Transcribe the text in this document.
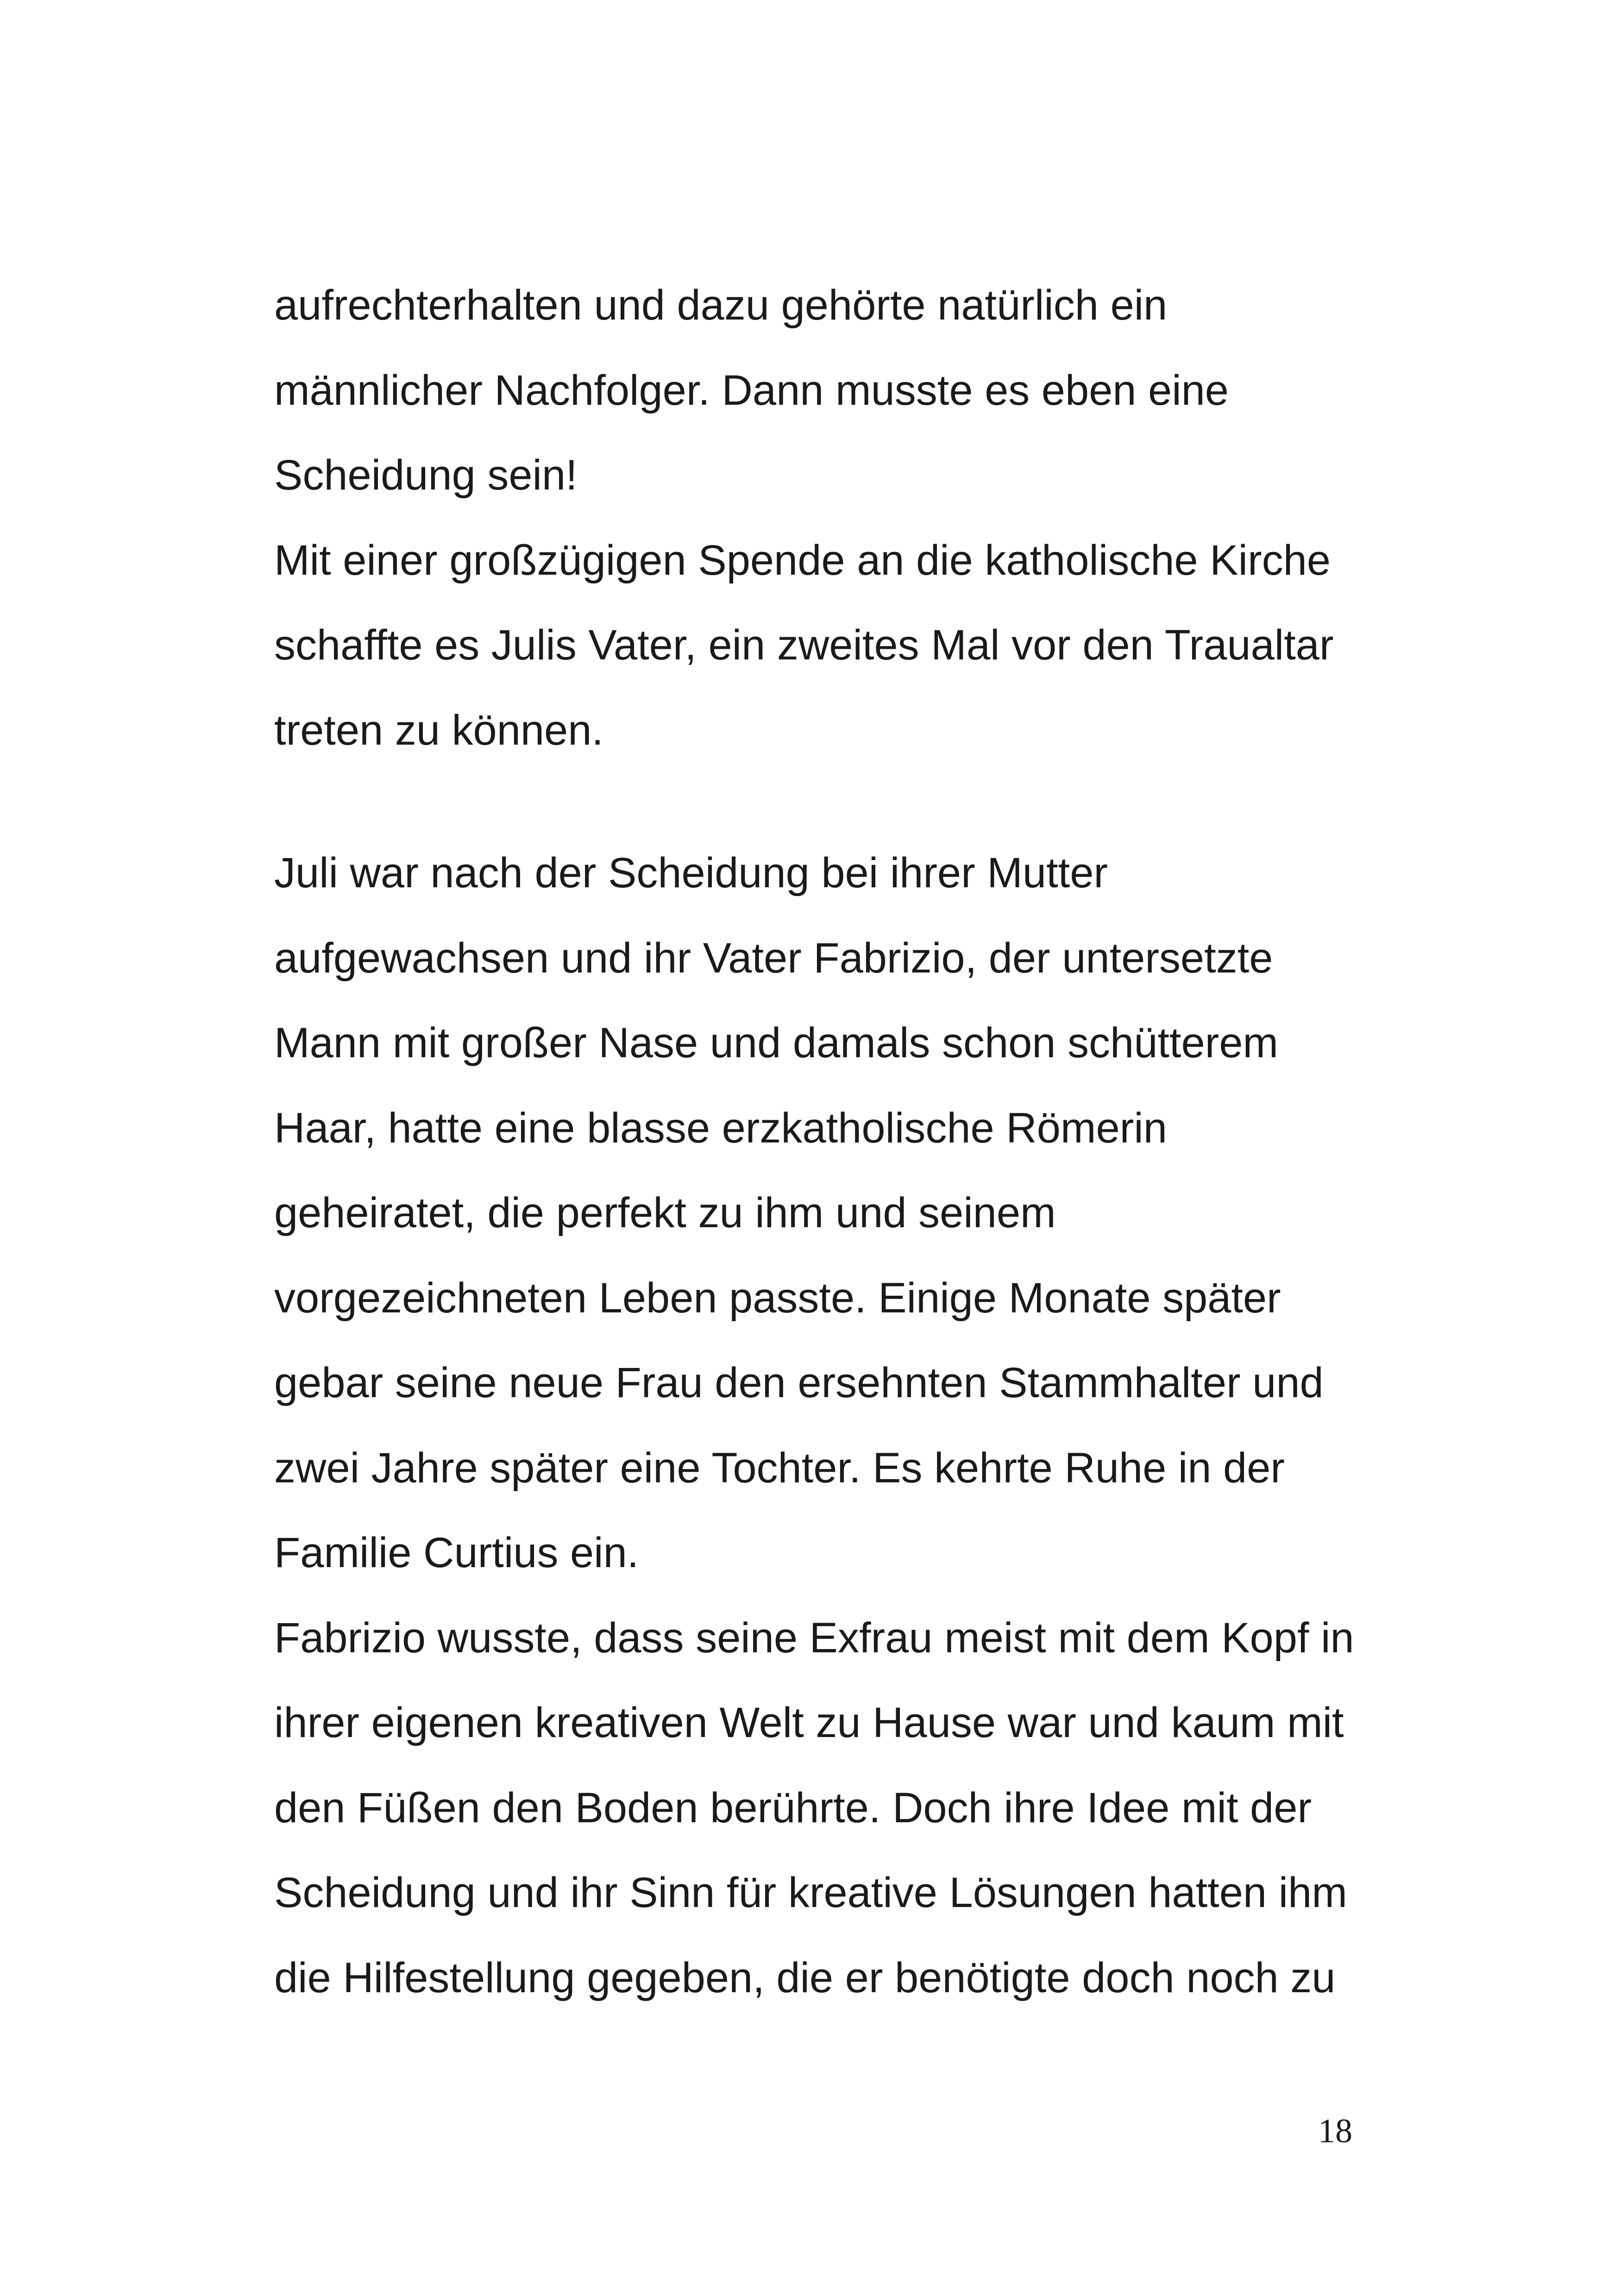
aufrechterhalten und dazu gehörte natürlich ein
männlicher Nachfolger. Dann musste es eben eine
Scheidung sein!
Mit einer großzügigen Spende an die katholische Kirche
schaffte es Julis Vater, ein zweites Mal vor den Traualtar
treten zu können.
Juli war nach der Scheidung bei ihrer Mutter
aufgewachsen und ihr Vater Fabrizio, der untersetzte
Mann mit großer Nase und damals schon schütterem
Haar, hatte eine blasse erzkatholische Römerin
geheiratet, die perfekt zu ihm und seinem
vorgezeichneten Leben passte. Einige Monate später
gebar seine neue Frau den ersehnten Stammhalter und
zwei Jahre später eine Tochter. Es kehrte Ruhe in der
Familie Curtius ein.
Fabrizio wusste, dass seine Exfrau meist mit dem Kopf in
ihrer eigenen kreativen Welt zu Hause war und kaum mit
den Füßen den Boden berührte. Doch ihre Idee mit der
Scheidung und ihr Sinn für kreative Lösungen hatten ihm
die Hilfestellung gegeben, die er benötigte doch noch zu
18
